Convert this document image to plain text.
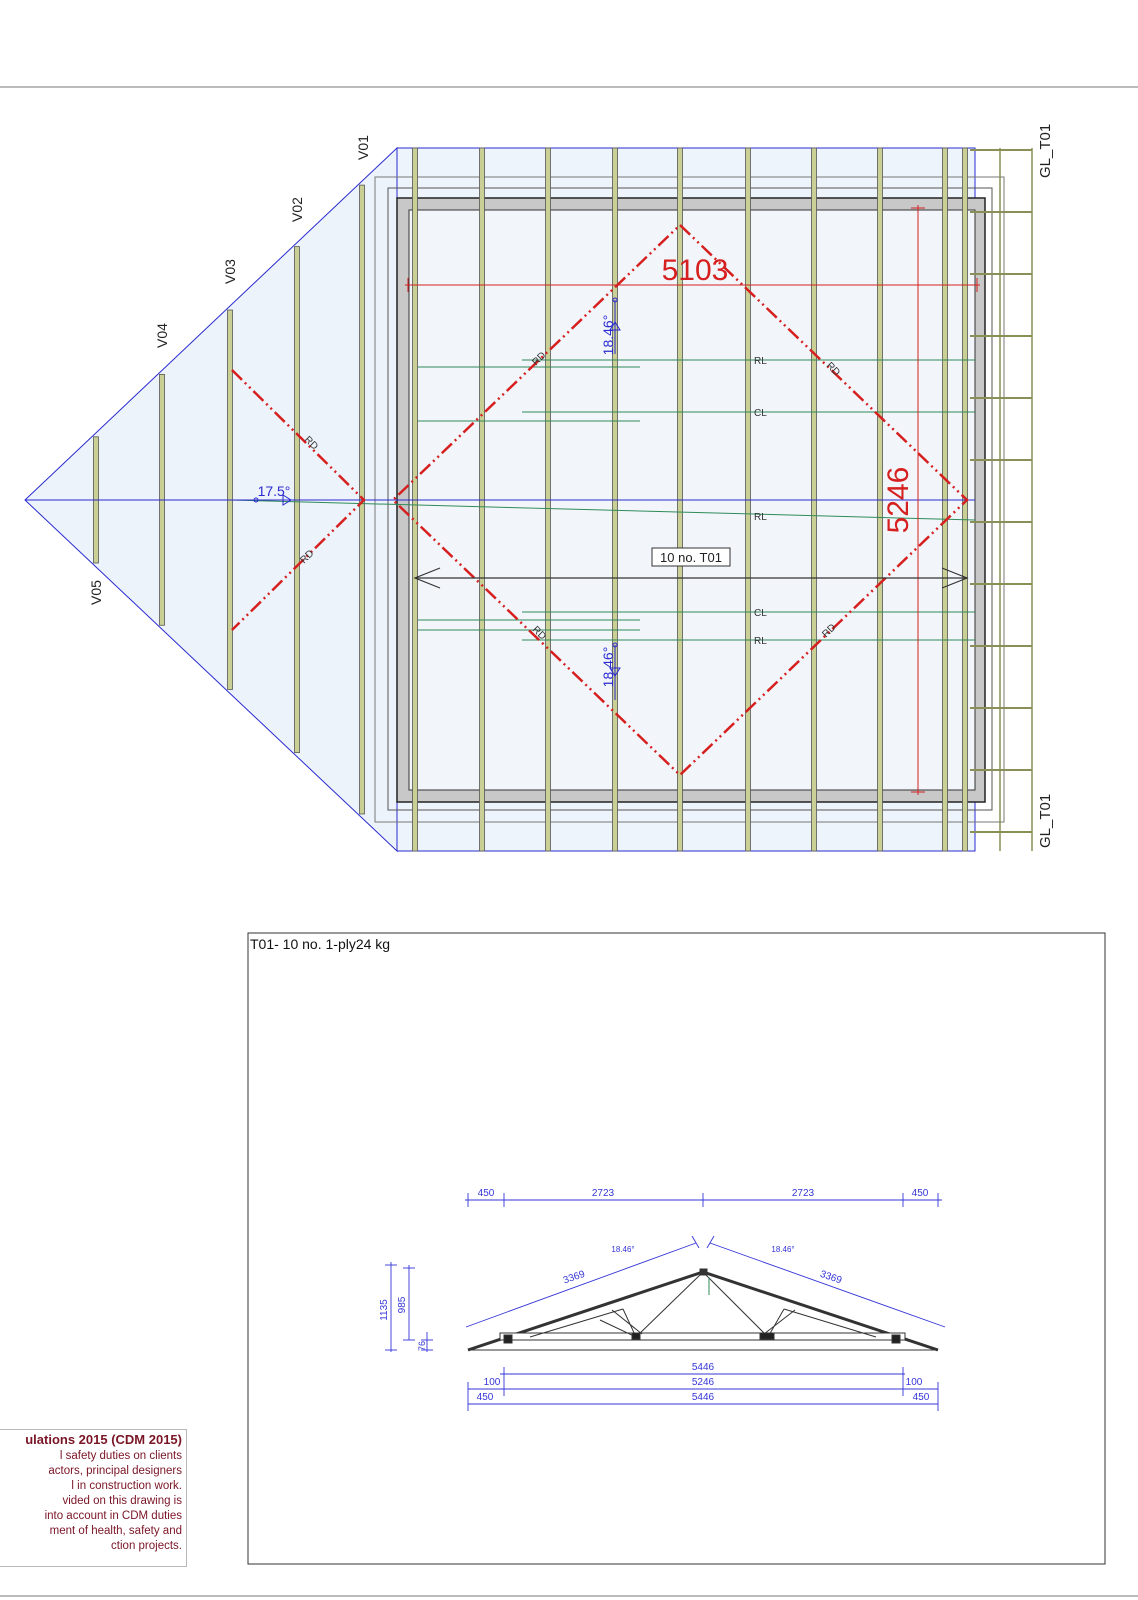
5103
5246
10 no. T01
18.46°
18.46°
17.5°
RD
RD
RD	RD
RD
RD
RL
CL
RL
CL
RL
V01
V02
V03
V04
V05
GL_T01
GL_T01
T01- 10 no. 1-ply24 kg
450	2723	2723	450
3369	3369
18.46°	18.46°
1135 985
76
5446
5246
5446
100
450
100
450
ulations 2015 (CDM 2015)
l safety duties on clients
actors, principal designers
l in construction work.
vided on this drawing is
into account in CDM duties
ment of health, safety and
ction projects.
